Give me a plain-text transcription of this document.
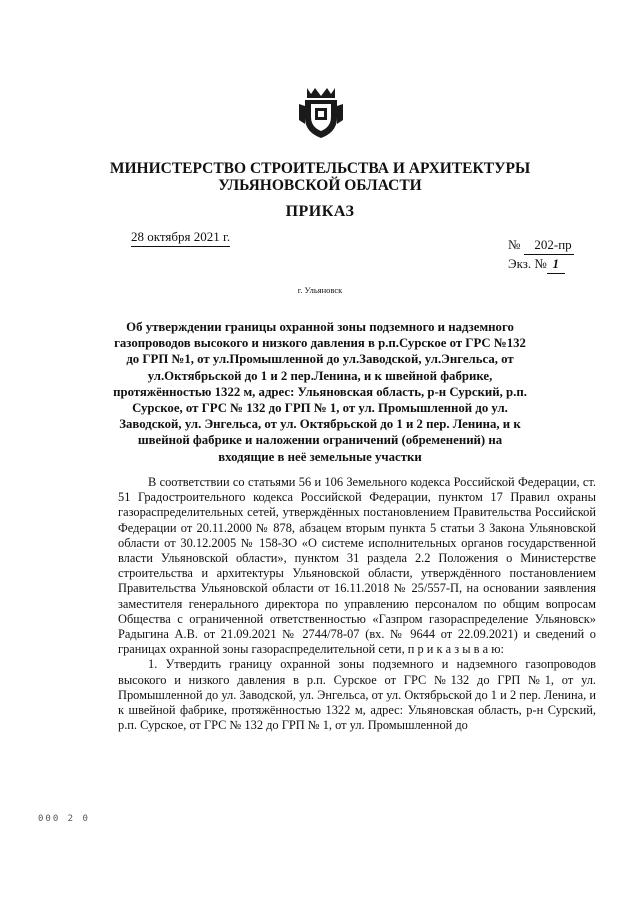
МИНИСТЕРСТВО СТРОИТЕЛЬСТВА И АРХИТЕКТУРЫ
УЛЬЯНОВСКОЙ ОБЛАСТИ
ПРИКАЗ
28 октября 2021 г.
№ 202-пр
Экз. № 1
г. Ульяновск
Об утверждении границы охранной зоны подземного и надземного газопроводов высокого и низкого давления в р.п.Сурское от ГРС №132 до ГРП №1, от ул.Промышленной до ул.Заводской, ул.Энгельса, от ул.Октябрьской до 1 и 2 пер.Ленина, и к швейной фабрике, протяжённостью 1322 м, адрес: Ульяновская область, р-н Сурский, р.п. Сурское, от ГРС № 132 до ГРП № 1, от ул. Промышленной до ул. Заводской, ул. Энгельса, от ул. Октябрьской до 1 и 2 пер. Ленина, и к швейной фабрике и наложении ограничений (обременений) на входящие в неё земельные участки

В соответствии со статьями 56 и 106 Земельного кодекса Российской Федерации, ст. 51 Градостроительного кодекса Российской Федерации, пунктом 17 Правил охраны газораспределительных сетей, утверждённых постановлением Правительства Российской Федерации от 20.11.2000 № 878, абзацем вторым пункта 5 статьи 3 Закона Ульяновской области от 30.12.2005 № 158-ЗО «О системе исполнительных органов государственной власти Ульяновской области», пунктом 31 раздела 2.2 Положения о Министерстве строительства и архитектуры Ульяновской области, утверждённого постановлением Правительства Ульяновской области от 16.11.2018 № 25/557-П, на основании заявления заместителя генерального директора по управлению персоналом по общим вопросам Общества с ограниченной ответственностью «Газпром газораспределение Ульяновск» Радыгина А.В. от 21.09.2021 № 2744/78-07 (вх. № 9644 от 22.09.2021) и сведений о границах охранной зоны газораспределительной сети, п р и к а з ы в а ю:

1. Утвердить границу охранной зоны подземного и надземного газопроводов высокого и низкого давления в р.п. Сурское от ГРС №132 до ГРП №1, от ул. Промышленной до ул. Заводской, ул. Энгельса, от ул. Октябрьской до 1 и 2 пер. Ленина, и к швейной фабрике, протяжённостью 1322 м, адрес: Ульяновская область, р-н Сурский, р.п. Сурское, от ГРС № 132 до ГРП № 1, от ул. Промышленной до

000 2 0
